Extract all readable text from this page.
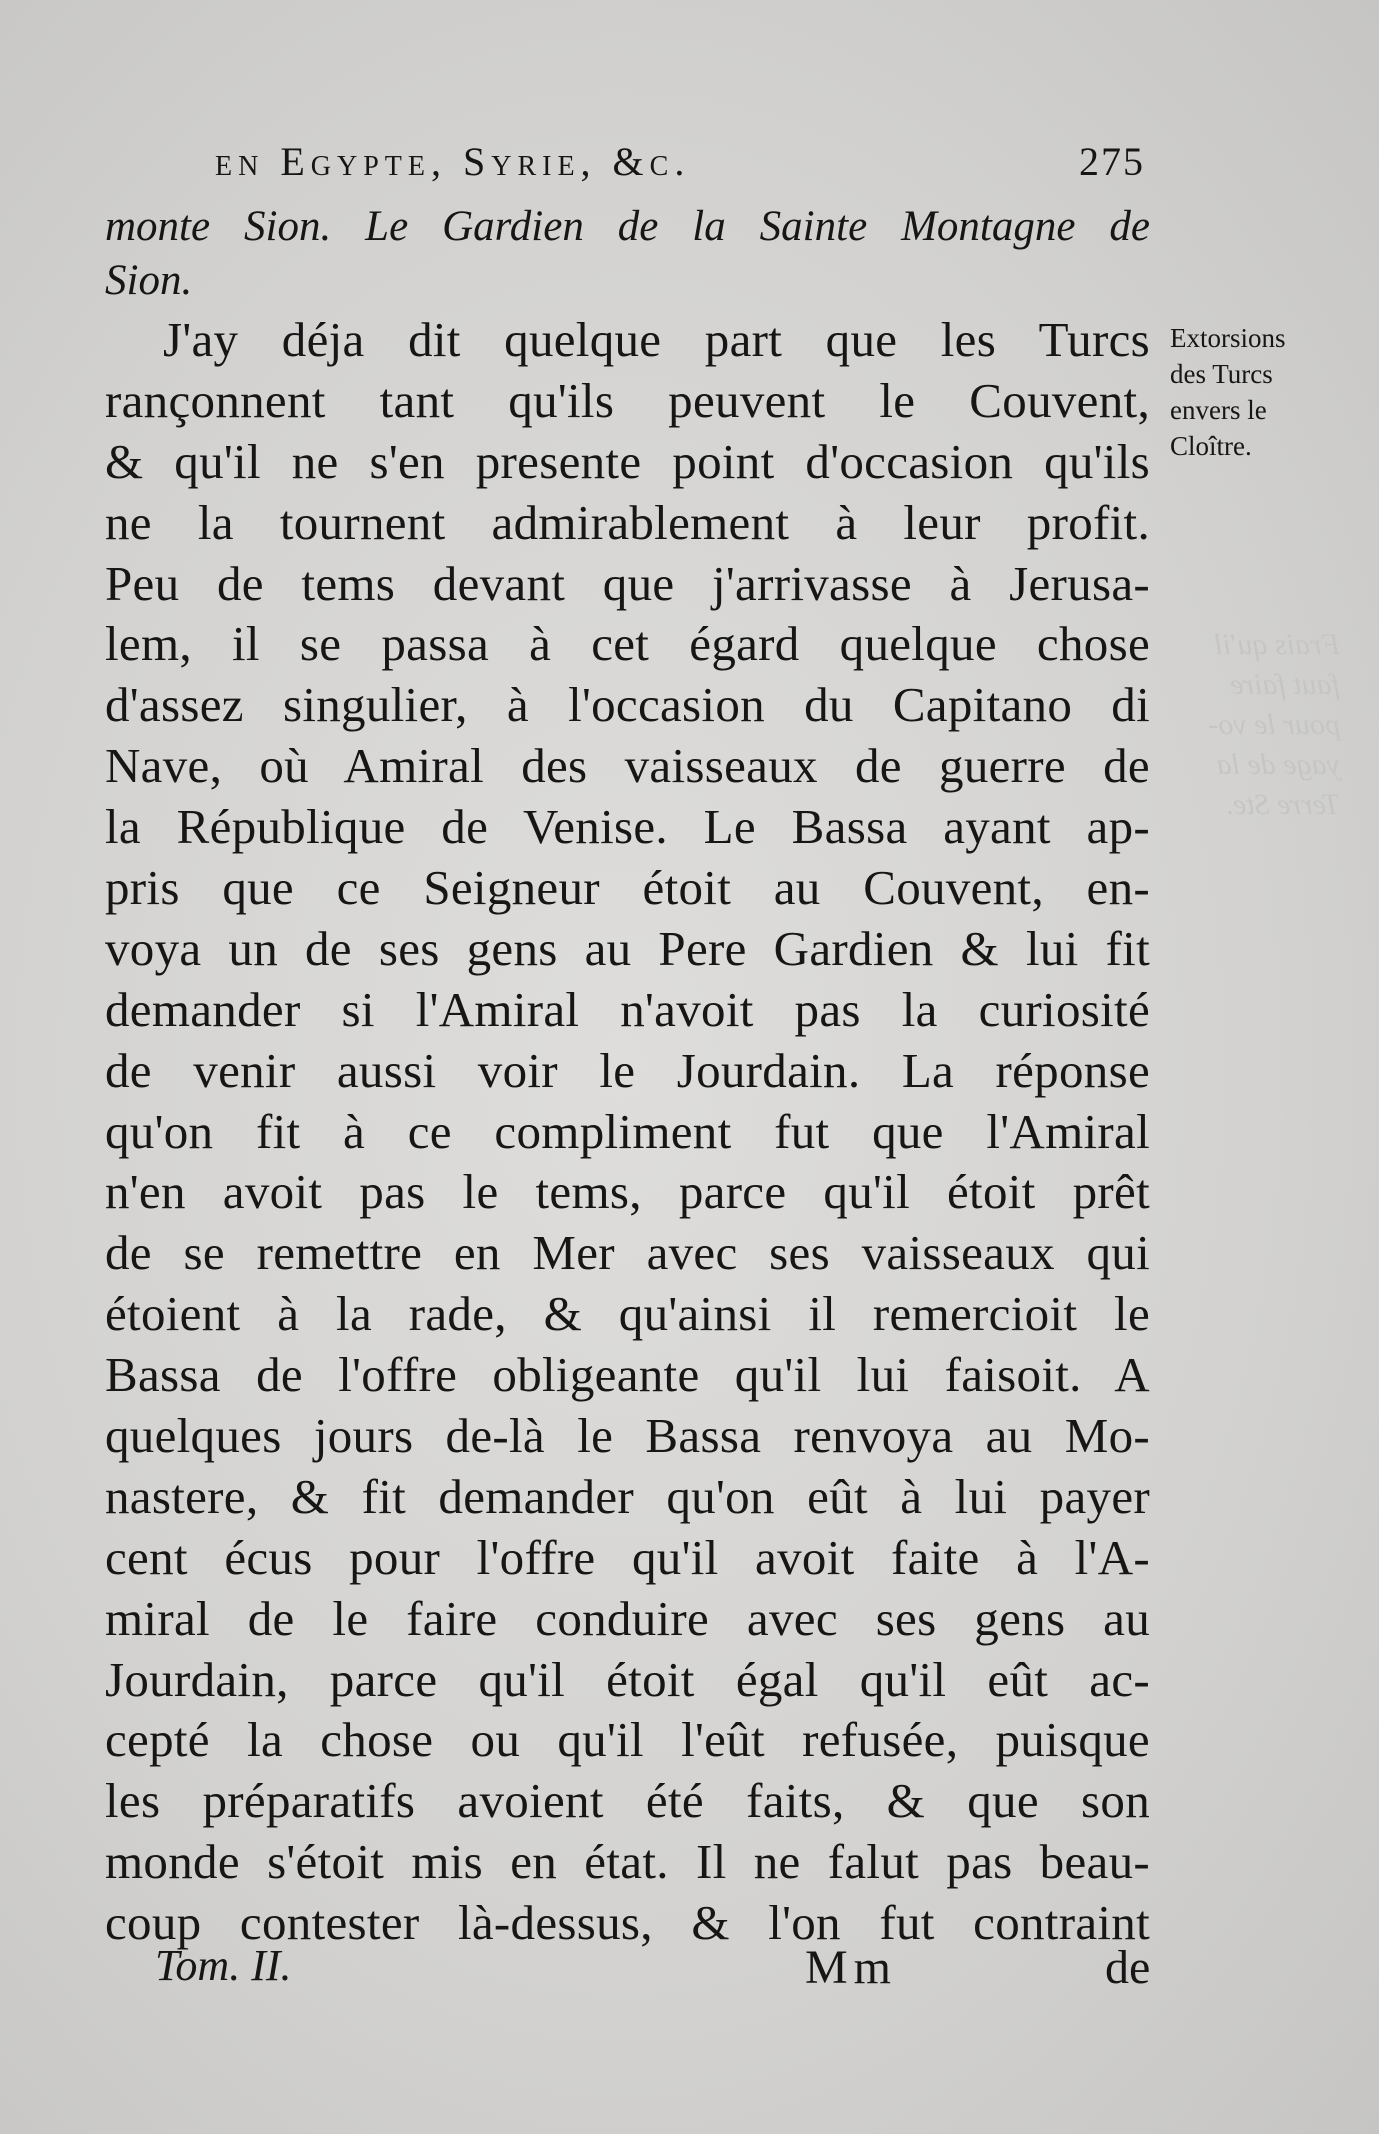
Frais qu'il
faut faire
pour le vo-
yage de la
Terre Ste.
en Egypte, Syrie, &c.	275
monte Sion. Le Gardien de la Sainte Montagne de
Sion.
Extorsions
des Turcs
envers le
Cloître.
J'ay déja dit quelque part que les Turcs
rançonnent tant qu'ils peuvent le Couvent,
& qu'il ne s'en presente point d'occasion qu'ils
ne la tournent admirablement à leur profit.
Peu de tems devant que j'arrivasse à Jerusa-
lem, il se passa à cet égard quelque chose
d'assez singulier, à l'occasion du Capitano di
Nave, où Amiral des vaisseaux de guerre de
la République de Venise. Le Bassa ayant ap-
pris que ce Seigneur étoit au Couvent, en-
voya un de ses gens au Pere Gardien & lui fit
demander si l'Amiral n'avoit pas la curiosité
de venir aussi voir le Jourdain. La réponse
qu'on fit à ce compliment fut que l'Amiral
n'en avoit pas le tems, parce qu'il étoit prêt
de se remettre en Mer avec ses vaisseaux qui
étoient à la rade, & qu'ainsi il remercioit le
Bassa de l'offre obligeante qu'il lui faisoit. A
quelques jours de-là le Bassa renvoya au Mo-
nastere, & fit demander qu'on eût à lui payer
cent écus pour l'offre qu'il avoit faite à l'A-
miral de le faire conduire avec ses gens au
Jourdain, parce qu'il étoit égal qu'il eût ac-
cepté la chose ou qu'il l'eût refusée, puisque
les préparatifs avoient été faits, & que son
monde s'étoit mis en état. Il ne falut pas beau-
coup contester là-dessus, & l'on fut contraint
Tom. II.	Mm	de
